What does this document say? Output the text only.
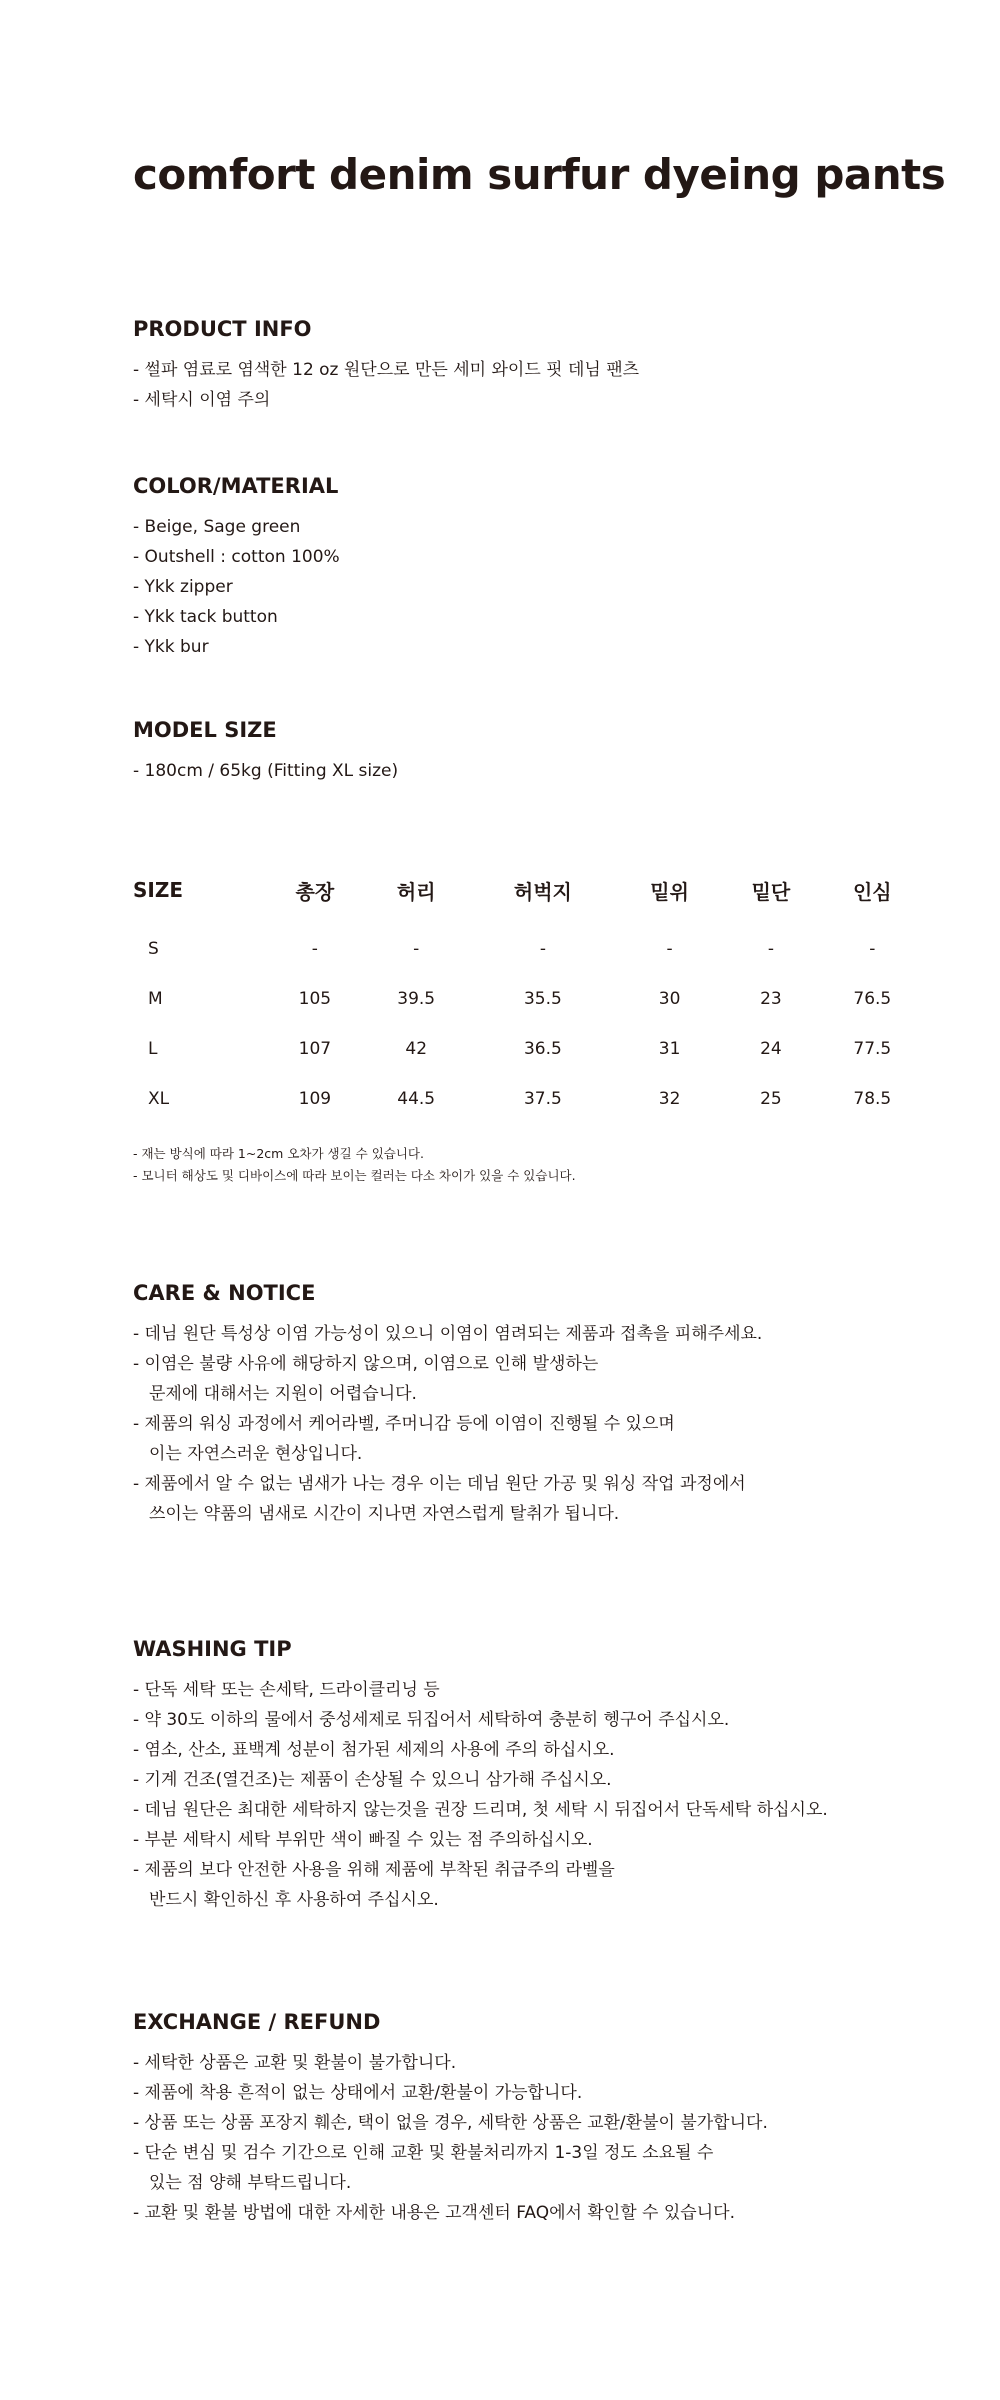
comfort denim surfur dyeing pants
PRODUCT INFO
- 썰파 염료로 염색한 12 oz 원단으로 만든 세미 와이드 핏 데님 팬츠
- 세탁시 이염 주의
COLOR/MATERIAL
- Beige, Sage green
- Outshell : cotton 100%
- Ykk zipper
- Ykk tack button
- Ykk bur
MODEL SIZE
- 180cm / 65kg (Fitting XL size)
SIZE	총장	허리	허벅지	밑위	밑단	인심
S	-	-	-	-	-	-
M	105	39.5	35.5	30	23	76.5
L	107	42	36.5	31	24	77.5
XL	109	44.5	37.5	32	25	78.5
- 재는 방식에 따라 1~2cm 오차가 생길 수 있습니다.
- 모니터 해상도 및 디바이스에 따라 보이는 컬러는 다소 차이가 있을 수 있습니다.
CARE & NOTICE
- 데님 원단 특성상 이염 가능성이 있으니 이염이 염려되는 제품과 접촉을 피해주세요.
- 이염은 불량 사유에 해당하지 않으며, 이염으로 인해 발생하는
문제에 대해서는 지원이 어렵습니다.
- 제품의 워싱 과정에서 케어라벨, 주머니감 등에 이염이 진행될 수 있으며
이는 자연스러운 현상입니다.
- 제품에서 알 수 없는 냄새가 나는 경우 이는 데님 원단 가공 및 워싱 작업 과정에서
쓰이는 약품의 냄새로 시간이 지나면 자연스럽게 탈취가 됩니다.
WASHING TIP
- 단독 세탁 또는 손세탁, 드라이클리닝 등
- 약 30도 이하의 물에서 중성세제로 뒤집어서 세탁하여 충분히 헹구어 주십시오.
- 염소, 산소, 표백계 성분이 첨가된 세제의 사용에 주의 하십시오.
- 기계 건조(열건조)는 제품이 손상될 수 있으니 삼가해 주십시오.
- 데님 원단은 최대한 세탁하지 않는것을 권장 드리며, 첫 세탁 시 뒤집어서 단독세탁 하십시오.
- 부분 세탁시 세탁 부위만 색이 빠질 수 있는 점 주의하십시오.
- 제품의 보다 안전한 사용을 위해 제품에 부착된 취급주의 라벨을
반드시 확인하신 후 사용하여 주십시오.
EXCHANGE / REFUND
- 세탁한 상품은 교환 및 환불이 불가합니다.
- 제품에 착용 흔적이 없는 상태에서 교환/환불이 가능합니다.
- 상품 또는 상품 포장지 훼손, 택이 없을 경우, 세탁한 상품은 교환/환불이 불가합니다.
- 단순 변심 및 검수 기간으로 인해 교환 및 환불처리까지 1-3일 정도 소요될 수
있는 점 양해 부탁드립니다.
- 교환 및 환불 방법에 대한 자세한 내용은 고객센터 FAQ에서 확인할 수 있습니다.
